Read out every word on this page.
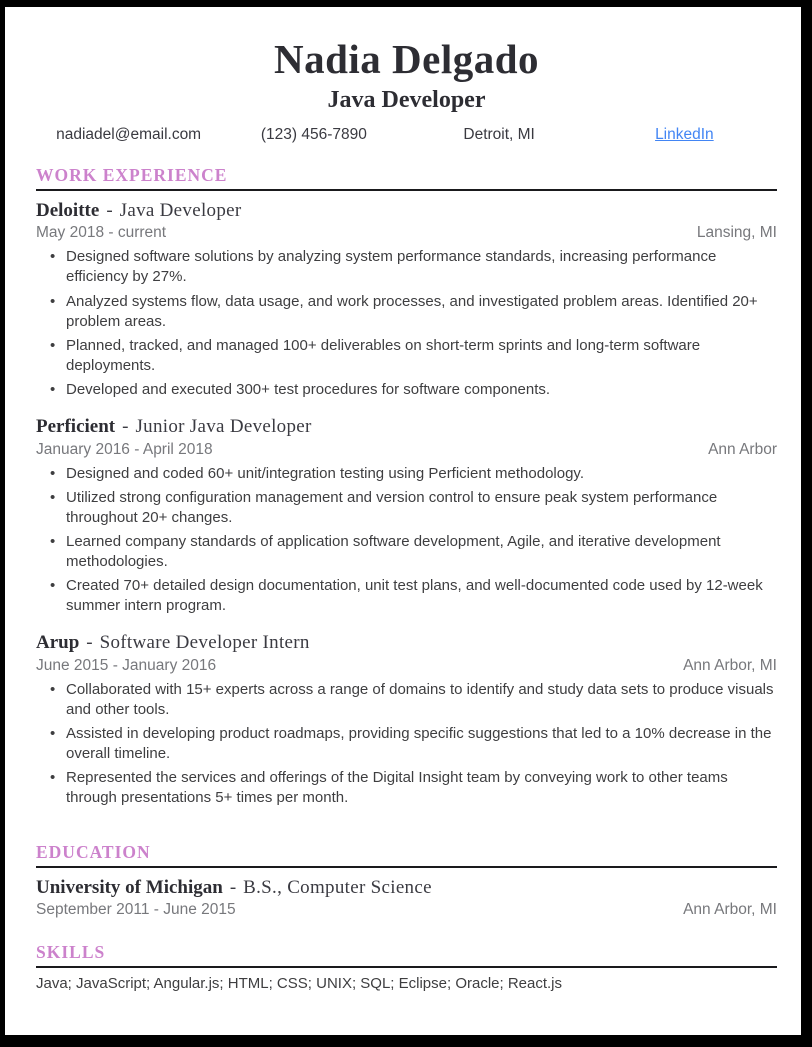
Nadia Delgado
Java Developer
nadiadel@email.com	(123) 456-7890	Detroit, MI	LinkedIn
WORK EXPERIENCE
Deloitte - Java Developer
May 2018 - current	Lansing, MI
• Designed software solutions by analyzing system performance standards, increasing performance efficiency by 27%.
• Analyzed systems flow, data usage, and work processes, and investigated problem areas. Identified 20+ problem areas.
• Planned, tracked, and managed 100+ deliverables on short-term sprints and long-term software deployments.
• Developed and executed 300+ test procedures for software components.
Perficient - Junior Java Developer
January 2016 - April 2018	Ann Arbor
• Designed and coded 60+ unit/integration testing using Perficient methodology.
• Utilized strong configuration management and version control to ensure peak system performance throughout 20+ changes.
• Learned company standards of application software development, Agile, and iterative development methodologies.
• Created 70+ detailed design documentation, unit test plans, and well-documented code used by 12-week summer intern program.
Arup - Software Developer Intern
June 2015 - January 2016	Ann Arbor, MI
• Collaborated with 15+ experts across a range of domains to identify and study data sets to produce visuals and other tools.
• Assisted in developing product roadmaps, providing specific suggestions that led to a 10% decrease in the overall timeline.
• Represented the services and offerings of the Digital Insight team by conveying work to other teams through presentations 5+ times per month.
EDUCATION
University of Michigan - B.S., Computer Science
September 2011 - June 2015	Ann Arbor, MI
SKILLS
Java; JavaScript; Angular.js; HTML; CSS; UNIX; SQL; Eclipse; Oracle; React.js
